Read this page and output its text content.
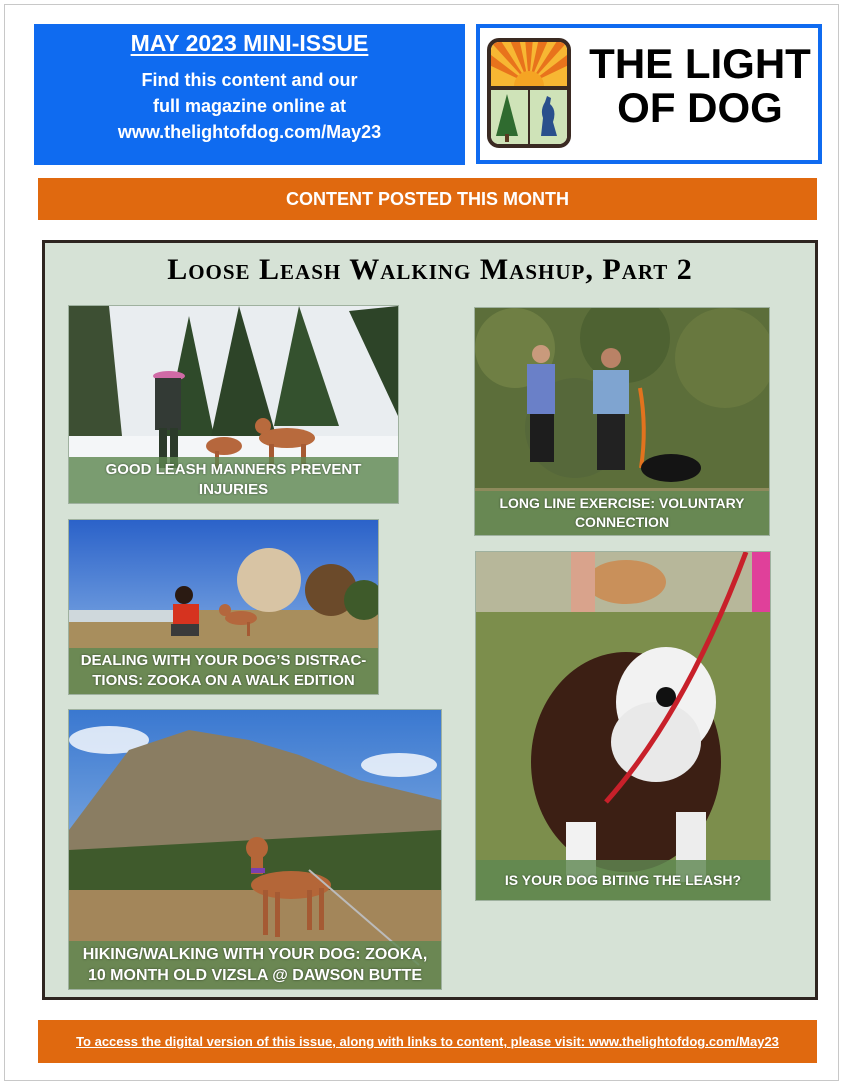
MAY 2023 MINI-ISSUE
Find this content and our
full magazine online at
www.thelightofdog.com/May23
THE LIGHT
OF DOG
CONTENT POSTED THIS MONTH
Loose Leash Walking Mashup, Part 2
GOOD LEASH MANNERS PREVENT INJURIES
LONG LINE EXERCISE: VOLUNTARY CONNECTION
DEALING WITH YOUR DOG’S DISTRAC-TIONS: ZOOKA ON A WALK EDITION
IS YOUR DOG BITING THE LEASH?
HIKING/WALKING WITH YOUR DOG: ZOOKA, 10 MONTH OLD VIZSLA @ DAWSON BUTTE
To access the digital version of this issue, along with links to content, please visit: www.thelightofdog.com/May23
